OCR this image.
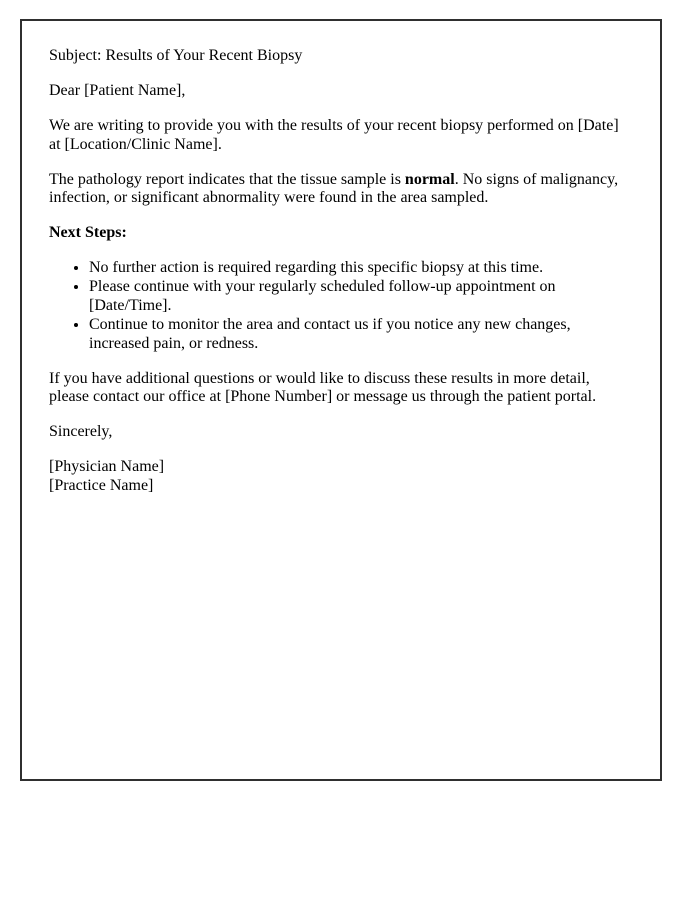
Subject: Results of Your Recent Biopsy

Dear [Patient Name],

We are writing to provide you with the results of your recent biopsy performed on [Date] at [Location/Clinic Name].

The pathology report indicates that the tissue sample is normal. No signs of malignancy, infection, or significant abnormality were found in the area sampled.

Next Steps:

• No further action is required regarding this specific biopsy at this time.
• Please continue with your regularly scheduled follow-up appointment on [Date/Time].
• Continue to monitor the area and contact us if you notice any new changes, increased pain, or redness.

If you have additional questions or would like to discuss these results in more detail, please contact our office at [Phone Number] or message us through the patient portal.

Sincerely,

[Physician Name]
[Practice Name]
